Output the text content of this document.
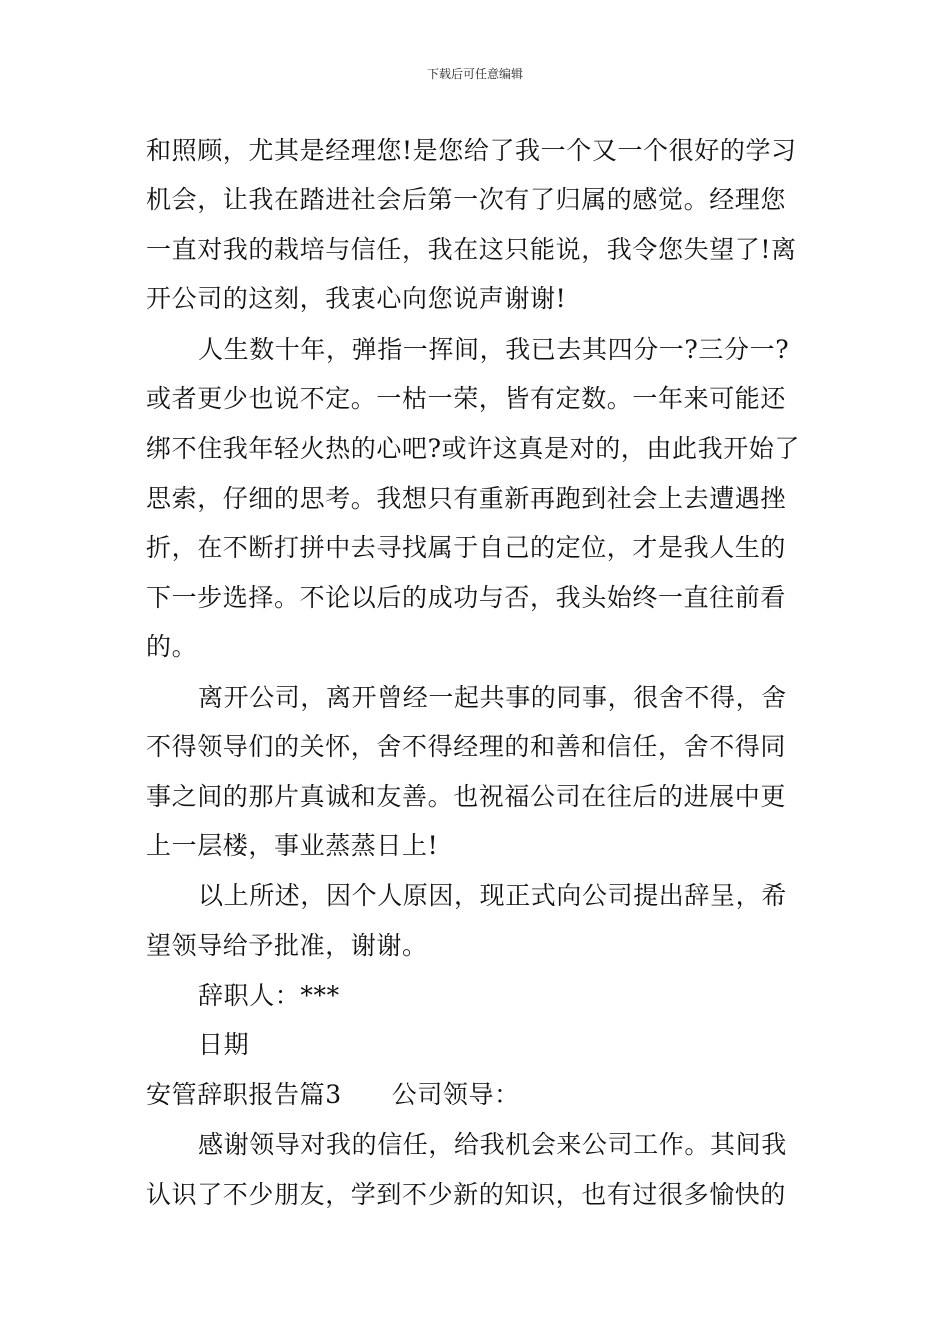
下载后可任意编辑
和照顾，尤其是经理您!是您给了我一个又一个很好的学习
机会，让我在踏进社会后第一次有了归属的感觉。经理您
一直对我的栽培与信任，我在这只能说，我令您失望了!离
开公司的这刻，我衷心向您说声谢谢!
人生数十年，弹指一挥间，我已去其四分一?三分一?
或者更少也说不定。一枯一荣，皆有定数。一年来可能还
绑不住我年轻火热的心吧?或许这真是对的，由此我开始了
思索，仔细的思考。我想只有重新再跑到社会上去遭遇挫
折，在不断打拼中去寻找属于自己的定位，才是我人生的
下一步选择。不论以后的成功与否，我头始终一直往前看
的。
离开公司，离开曾经一起共事的同事，很舍不得，舍
不得领导们的关怀，舍不得经理的和善和信任，舍不得同
事之间的那片真诚和友善。也祝福公司在往后的进展中更
上一层楼，事业蒸蒸日上!
以上所述，因个人原因，现正式向公司提出辞呈，希
望领导给予批准，谢谢。
辞职人：***
日期
安管辞职报告篇3 公司领导：
感谢领导对我的信任，给我机会来公司工作。其间我
认识了不少朋友，学到不少新的知识，也有过很多愉快的
